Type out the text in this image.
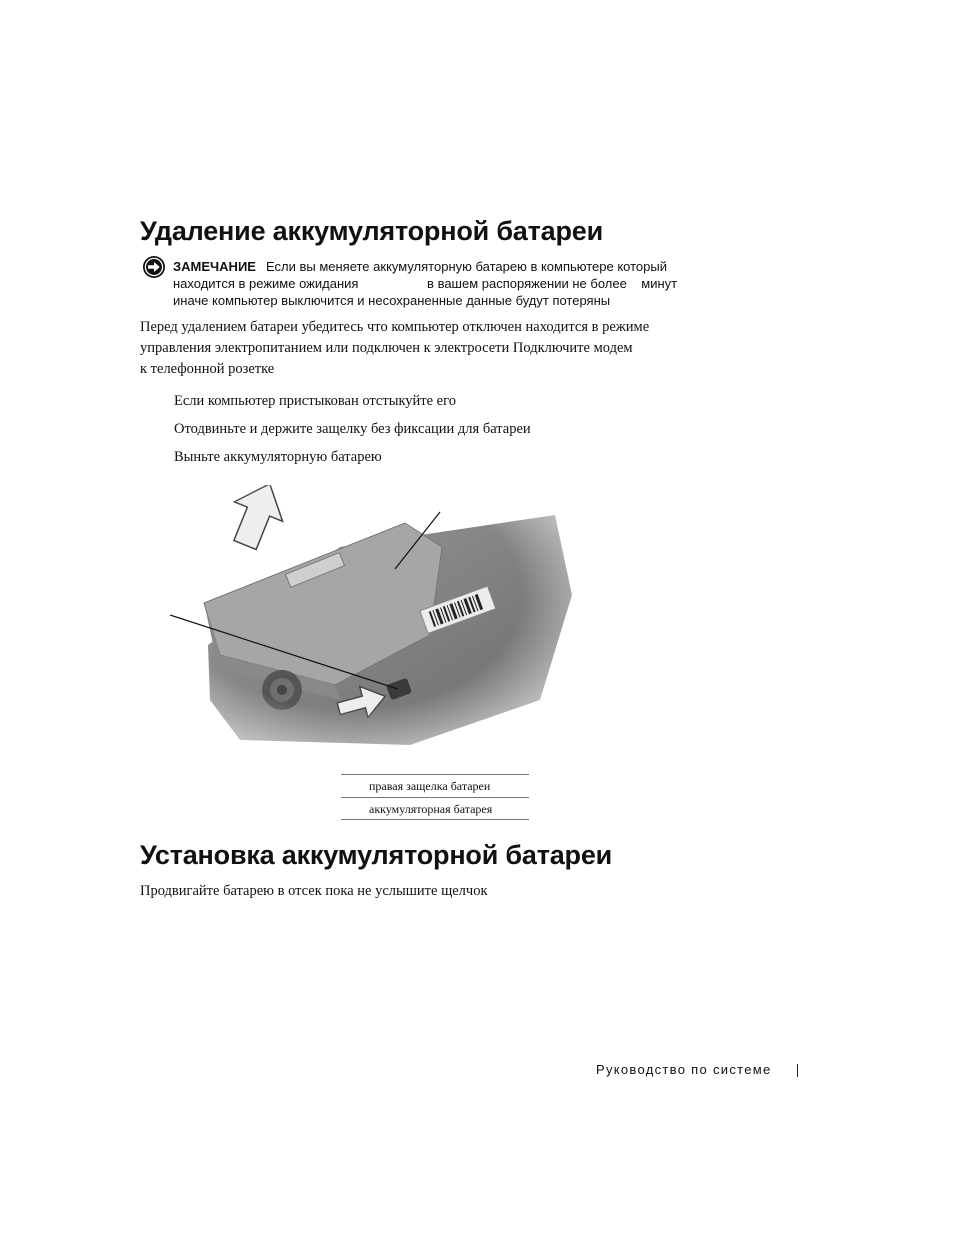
Удаление аккумуляторной батареи
ЗАМЕЧАНИЕ Если вы меняете аккумуляторную батарею в компьютере который
находится в режиме ожидания                   в вашем распоряжении не более    минут
иначе компьютер выключится и несохраненные данные будут потеряны
Перед удалением батареи убедитесь что компьютер отключен находится в режиме
управления электропитанием или подключен к электросети Подключите модем
к телефонной розетке
Если компьютер пристыкован отстыкуйте его
Отодвиньте и держите защелку без фиксации для батареи
Выньте аккумуляторную батарею
правая защелка батареи
аккумуляторная батарея
Установка аккумуляторной батареи
Продвигайте батарею в отсек пока не услышите щелчок
Руководство по системе
